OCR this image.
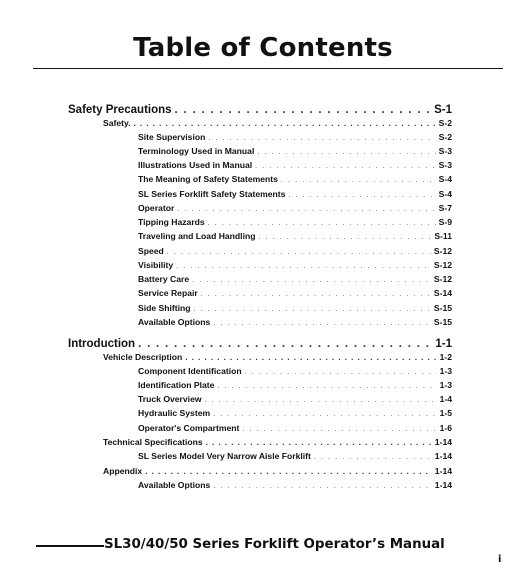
Table of Contents
Safety Precautions . . .	S-1
Safety. . . .	S-2
Site Supervision . . .	S-2
Terminology Used in Manual . . .	S-3
Illustrations Used in Manual . . .	S-3
The Meaning of Safety Statements . . .	S-4
SL Series Forklift Safety Statements . . .	S-4
Operator . . .	S-7
Tipping Hazards . . .	S-9
Traveling and Load Handling . . .	S-11
Speed . . .	S-12
Visibility . . .	S-12
Battery Care . . .	S-12
Service Repair . . .	S-14
Side Shifting . . .	S-15
Available Options . . .	S-15
Introduction . . .	1-1
Vehicle Description . . .	1-2
Component Identification . . .	1-3
Identification Plate . . .	1-3
Truck Overview . . .	1-4
Hydraulic System . . .	1-5
Operator's Compartment . . .	1-6
Technical Specifications . . .	1-14
SL Series Model Very Narrow Aisle Forklift . . .	1-14
Appendix . . .	1-14
Available Options . . .	1-14
SL30/40/50 Series Forklift Operator’s Manual
i
